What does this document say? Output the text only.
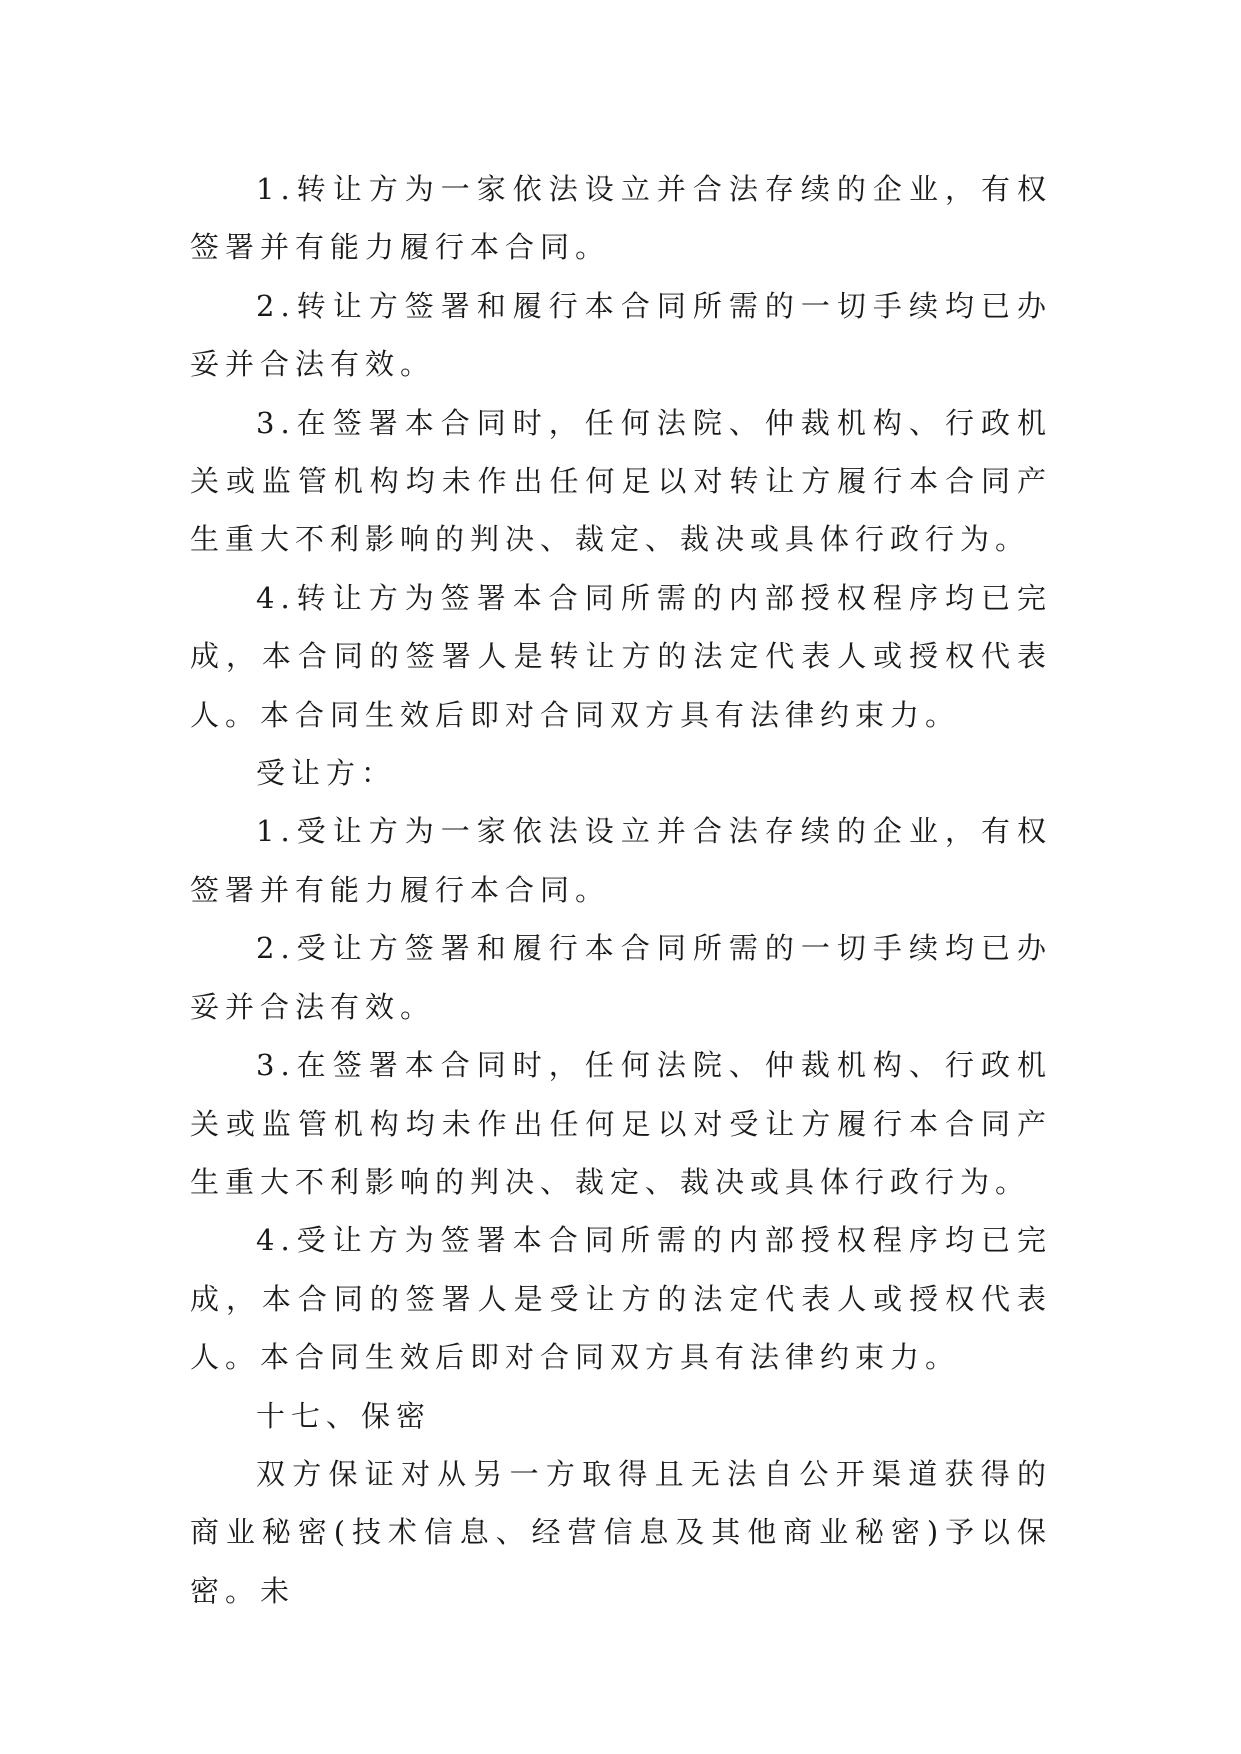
1.转让方为一家依法设立并合法存续的企业，有权签署并有能力履行本合同。

2.转让方签署和履行本合同所需的一切手续均已办妥并合法有效。

3.在签署本合同时，任何法院、仲裁机构、行政机关或监管机构均未作出任何足以对转让方履行本合同产生重大不利影响的判决、裁定、裁决或具体行政行为。

4.转让方为签署本合同所需的内部授权程序均已完成，本合同的签署人是转让方的法定代表人或授权代表人。本合同生效后即对合同双方具有法律约束力。

受让方：

1.受让方为一家依法设立并合法存续的企业，有权签署并有能力履行本合同。

2.受让方签署和履行本合同所需的一切手续均已办妥并合法有效。

3.在签署本合同时，任何法院、仲裁机构、行政机关或监管机构均未作出任何足以对受让方履行本合同产生重大不利影响的判决、裁定、裁决或具体行政行为。

4.受让方为签署本合同所需的内部授权程序均已完成，本合同的签署人是受让方的法定代表人或授权代表人。本合同生效后即对合同双方具有法律约束力。

十七、保密

双方保证对从另一方取得且无法自公开渠道获得的商业秘密(技术信息、经营信息及其他商业秘密)予以保密。未
